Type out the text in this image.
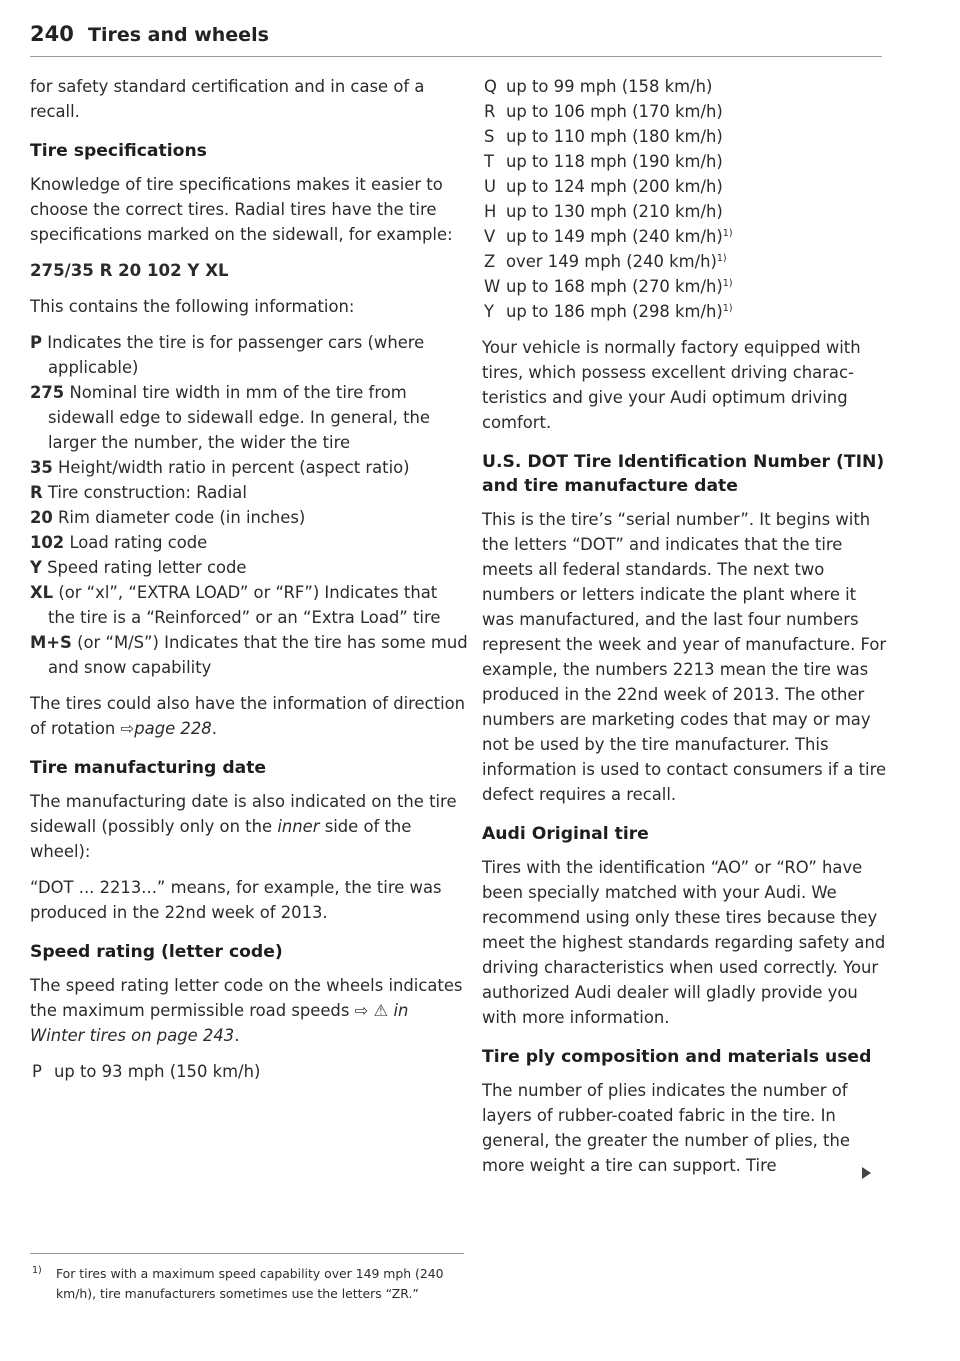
240 Tires and wheels

for safety standard certification and in case of a recall.

Tire specifications

Knowledge of tire specifications makes it easier to choose the correct tires. Radial tires have the tire specifications marked on the sidewall, for example:

275/35 R 20 102 Y XL

This contains the following information:

P Indicates the tire is for passenger cars (where applicable)

275 Nominal tire width in mm of the tire from sidewall edge to sidewall edge. In general, the larger the number, the wider the tire

35 Height/width ratio in percent (aspect ratio)

R Tire construction: Radial

20 Rim diameter code (in inches)

102 Load rating code

Y Speed rating letter code

XL (or “xl”, “EXTRA LOAD” or “RF”) Indicates that the tire is a “Reinforced” or an “Extra Load” tire

M+S (or “M/S”) Indicates that the tire has some mud and snow capability

The tires could also have the information of direction of rotation ⇨page 228.

Tire manufacturing date

The manufacturing date is also indicated on the tire sidewall (possibly only on the inner side of the wheel):

“DOT ... 2213...” means, for example, the tire was produced in the 22nd week of 2013.

Speed rating (letter code)

The speed rating letter code on the wheels indicates the maximum permissible road speeds ⇨ ⚠ in Winter tires on page 243.

P up to 93 mph (150 km/h)

1) For tires with a maximum speed capability over 149 mph (240 km/h), tire manufacturers sometimes use the letters “ZR.”

Q up to 99 mph (158 km/h)

R up to 106 mph (170 km/h)

S up to 110 mph (180 km/h)

T up to 118 mph (190 km/h)

U up to 124 mph (200 km/h)

H up to 130 mph (210 km/h)

V up to 149 mph (240 km/h)$^{1)}$

Z over 149 mph (240 km/h)$^{1)}$

W up to 168 mph (270 km/h)$^{1)}$

Y up to 186 mph (298 km/h)$^{1)}$

Your vehicle is normally factory equipped with tires, which possess excellent driving characteristics and give your Audi optimum driving comfort.

U.S. DOT Tire Identification Number (TIN) and tire manufacture date

This is the tire’s “serial number”. It begins with the letters “DOT” and indicates that the tire meets all federal standards. The next two numbers or letters indicate the plant where it was manufactured, and the last four numbers represent the week and year of manufacture. For example, the numbers 2213 mean the tire was produced in the 22nd week of 2013. The other numbers are marketing codes that may or may not be used by the tire manufacturer. This information is used to contact consumers if a tire defect requires a recall.

Audi Original tire

Tires with the identification “AO” or “RO” have been specially matched with your Audi. We recommend using only these tires because they meet the highest standards regarding safety and driving characteristics when used correctly. Your authorized Audi dealer will gladly provide you with more information.

Tire ply composition and materials used

The number of plies indicates the number of layers of rubber-coated fabric in the tire. In general, the greater the number of plies, the more weight a tire can support. Tire
